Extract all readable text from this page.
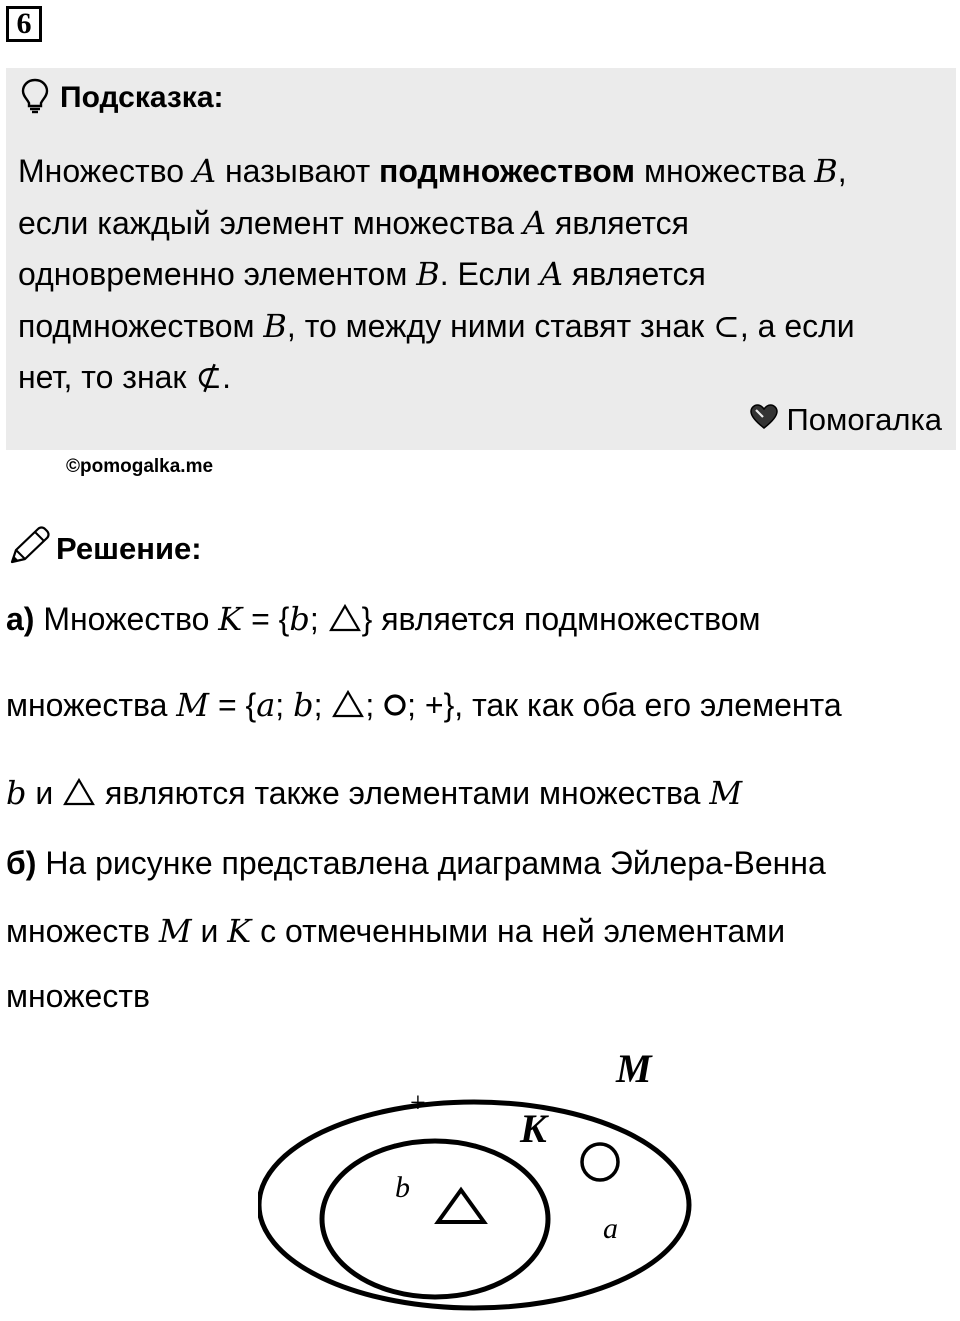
6
Подсказка:
Множество A называют подмножеством множества B,
если каждый элемент множества A является
одновременно элементом B. Если A является
подмножеством B, то между ними ставят знак ⊂, а если
нет, то знак ⊄.
Помогалка
©pomogalka.me
Решение:
а) Множество K = {b; } является подмножеством
множества M = {a; b; ; ; +}, так как оба его элемента
b и  являются также элементами множества M
б) На рисунке представлена диаграмма Эйлера-Венна
множеств M и K с отмеченными на ней элементами
множеств
M
K
+
b
a
